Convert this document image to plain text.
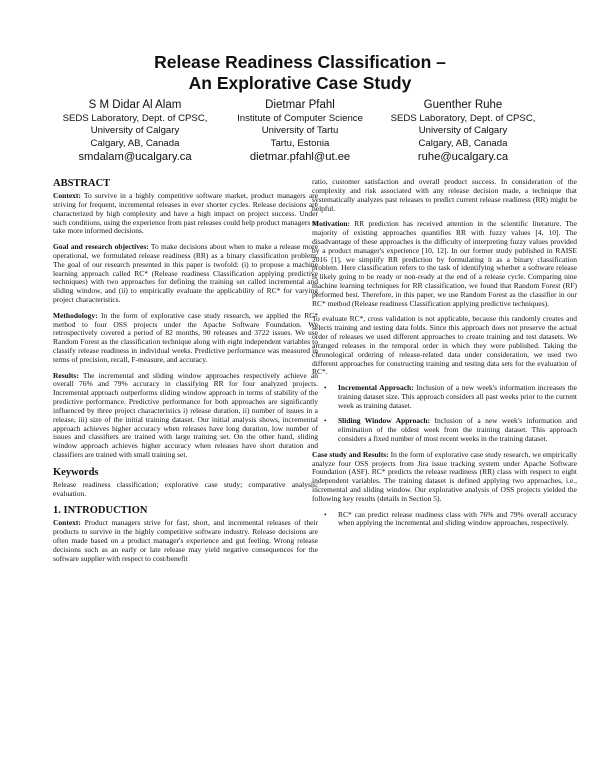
Release Readiness Classification –
An Explorative Case Study
S M Didar Al Alam
SEDS Laboratory, Dept. of CPSC,
University of Calgary
Calgary, AB, Canada
smdalam@ucalgary.ca
Dietmar Pfahl
Institute of Computer Science
University of Tartu
Tartu, Estonia
dietmar.pfahl@ut.ee
Guenther Ruhe
SEDS Laboratory, Dept. of CPSC,
University of Calgary
Calgary, AB, Canada
ruhe@ucalgary.ca
ABSTRACT

Context: To survive in a highly competitive software market, product managers are striving for frequent, incremental releases in ever shorter cycles. Release decisions are characterized by high complexity and have a high impact on project success. Under such conditions, using the experience from past releases could help product managers to take more informed decisions.

Goal and research objectives: To make decisions about when to make a release more operational, we formulated release readiness (RR) as a binary classification problem. The goal of our research presented in this paper is twofold: (i) to propose a machine learning approach called RC* (Release readiness Classification applying predictive techniques) with two approaches for defining the training set called incremental and sliding window, and (ii) to empirically evaluate the applicability of RC* for varying project characteristics.

Methodology: In the form of explorative case study research, we applied the RC* method to four OSS projects under the Apache Software Foundation. We retrospectively covered a period of 82 months, 90 releases and 3722 issues. We use Random Forest as the classification technique along with eight independent variables to classify release readiness in individual weeks. Predictive performance was measured in terms of precision, recall, F-measure, and accuracy.

Results: The incremental and sliding window approaches respectively achieve an overall 76% and 79% accuracy in classifying RR for four analyzed projects. Incremental approach outperforms sliding window approach in terms of stability of the predictive performance. Predictive performance for both approaches are significantly influenced by three project characteristics i) release duration, ii) number of issues in a release, iii) size of the initial training dataset. Our initial analysis shows, incremental approach achieves higher accuracy when releases have long duration, low number of issues and classifiers are trained with large training set. On the other hand, sliding window approach achieves higher accuracy when releases have short duration and classifiers are trained with small training set.

Keywords

Release readiness classification; explorative case study; comparative analysis; evaluation.

1. INTRODUCTION

Context: Product managers strive for fast, short, and incremental releases of their products to survive in the highly competitive software industry. Release decisions are often made based on a product manager's experience and gut feeling. Wrong release decisions such as an early or late release may yield negative consequences for the software supplier with respect to cost/benefit

ratio, customer satisfaction and overall product success. In consideration of the complexity and risk associated with any release decision made, a technique that systematically analyzes past releases to predict current release readiness (RR) might be helpful.

Motivation: RR prediction has received attention in the scientific literature. The majority of existing approaches quantifies RR with fuzzy values [4, 10]. The disadvantage of these approaches is the difficulty of interpreting fuzzy values provided by a product manager's experience [10, 12]. In our former study published in RAISE 2016 [1], we simplify RR prediction by formulating it as a binary classification problem. Here classification refers to the task of identifying whether a software release is likely going to be ready or non-ready at the end of a release cycle. Comparing nine machine learning techniques for RR classification, we found that Random Forest (RF) performed best. Therefore, in this paper, we use Random Forest as the classifier in our RC* method (Release readiness Classification applying predictive techniques).

To evaluate RC*, cross validation is not applicable, because this randomly creates and selects training and testing data folds. Since this approach does not preserve the actual order of releases we used different approaches to create training and test datasets. We arranged releases in the temporal order in which they were published. Taking the chronological ordering of release-related data under consideration, we used two different approaches for constructing training and testing data sets for the evaluation of RC*.

• Incremental Approach: Inclusion of a new week's information increases the training dataset size. This approach considers all past weeks prior to the current week as training dataset.
• Sliding Window Approach: Inclusion of a new week's information and elimination of the oldest week from the training dataset. This approach considers a fixed number of most recent weeks in the training dataset.

Case study and Results: In the form of explorative case study research, we empirically analyze four OSS projects from Jira issue tracking system under Apache Software Foundation (ASF). RC* predicts the release readiness (RR) class with respect to eight independent variables. The training dataset is defined applying two approaches, i.e., incremental and sliding window. Our explorative analysis of OSS projects yielded the following key results (details in Section 5).

• RC* can predict release readiness class with 76% and 79% overall accuracy when applying the incremental and sliding window approaches, respectively.
